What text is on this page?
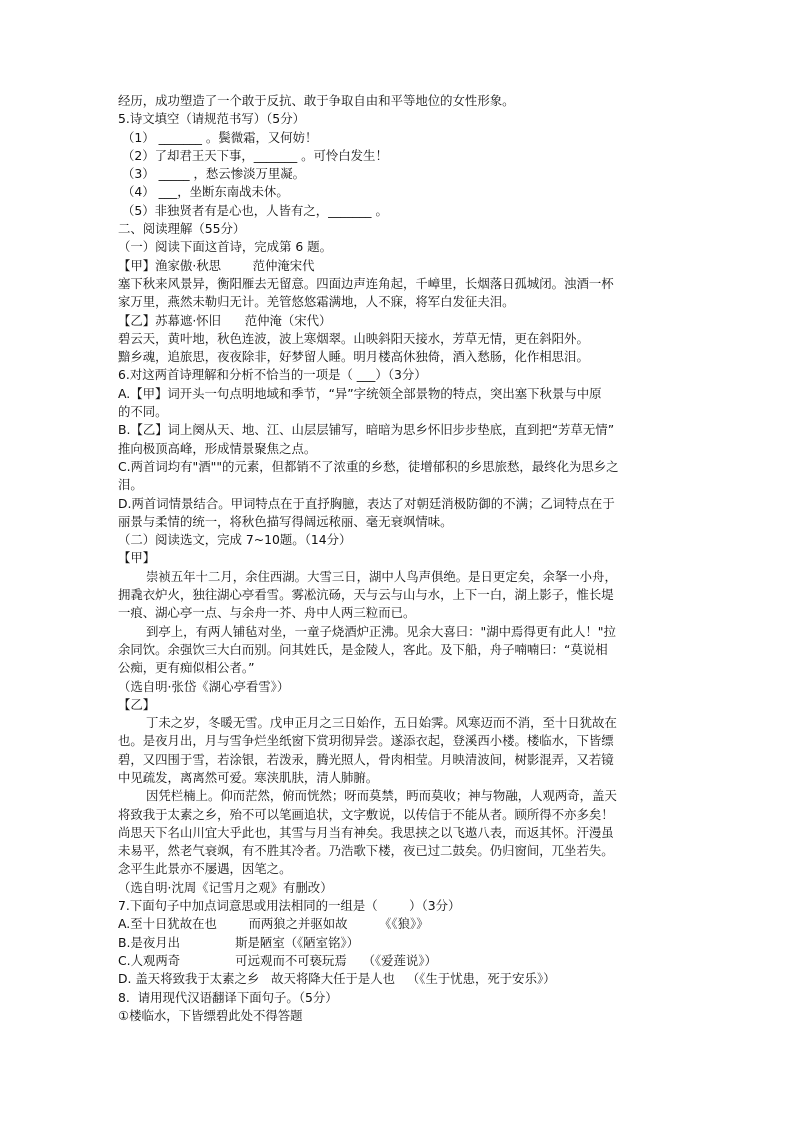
经历，成功塑造了一个敢于反抗、敢于争取自由和平等地位的女性形象。
5.诗文填空（请规范书写）（5分）
（1） _______ 。鬓微霜，又何妨！
（2）了却君王天下事，_______ 。可怜白发生！
（3） _____ ，愁云惨淡万里凝。
（4） ___，坐断东南战未休。
（5）非独贤者有是心也，人皆有之，_______ 。
二、阅读理解（55分）
（一）阅读下面这首诗，完成第 6 题。
【甲】渔家傲·秋思        范仲淹宋代
塞下秋来风景异，衡阳雁去无留意。四面边声连角起，千嶂里，长烟落日孤城闭。浊酒一杯
家万里，燕然未勒归无计。羌管悠悠霜满地，人不寐，将军白发征夫泪。
【乙】苏幕遮·怀旧      范仲淹（宋代）
碧云天，黄叶地，秋色连波，波上寒烟翠。山映斜阳天接水，芳草无情，更在斜阳外。
黯乡魂，追旅思，夜夜除非，好梦留人睡。明月楼高休独倚，酒入愁肠，化作相思泪。
6.对这两首诗理解和分析不恰当的一项是（ ___）（3分）
A.【甲】词开头一句点明地域和季节，“异”字统领全部景物的特点，突出塞下秋景与中原
的不同。
B.【乙】词上阕从天、地、江、山层层铺写，暗暗为思乡怀旧步步垫底，直到把“芳草无情”
推向极顶高峰，形成情景聚焦之点。
C.两首词均有"酒""的元素，但都销不了浓重的乡愁，徒增郁积的乡思旅愁，最终化为思乡之
泪。
D.两首词情景结合。甲词特点在于直抒胸臆，表达了对朝廷消极防御的不满；乙词特点在于
丽景与柔情的统一，将秋色描写得阔远秾丽、毫无衰飒情味。
（二）阅读选文，完成 7~10题。（14分）
【甲】
崇祯五年十二月，余住西湖。大雪三日，湖中人鸟声俱绝。是日更定矣，余拏一小舟，
拥毳衣炉火，独往湖心亭看雪。雾凇沆砀，天与云与山与水，上下一白，湖上影子，惟长堤
一痕、湖心亭一点、与余舟一芥、舟中人两三粒而已。
到亭上，有两人铺毡对坐，一童子烧酒炉正沸。见余大喜曰："湖中焉得更有此人！"拉
余同饮。余强饮三大白而别。问其姓氏，是金陵人，客此。及下船，舟子喃喃曰：“莫说相
公痴，更有痴似相公者。”
（选自明·张岱《湖心亭看雪》）
【乙】
丁未之岁，冬暖无雪。戊申正月之三日始作，五日始霁。风寒迈而不消，至十日犹故在
也。是夜月出，月与雪争烂坐纸窗下赏玥彻异尝。遂添衣起，登溪西小楼。楼临水，下皆缥
碧，又四围于雪，若涂银，若泼汞，腾光照人，骨肉相莹。月映清波间，树影混弄，又若镜
中见疏发，离离然可爱。寒浃肌肤，清人肺腑。
因凭栏楠上。仰而茫然，俯而恍然；呀而莫禁，眄而莫收；神与物融，人观两奇，盖天
将致我于太素之乡，殆不可以笔画追状，文字敷说，以传信于不能从者。顾所得不亦多矣！
尚思天下名山川宜大乎此也，其雪与月当有神矣。我思挟之以飞遨八表，而返其怀。汗漫虽
未易平，然老气衰飒，有不胜其冷者。乃浩歌下楼，夜已过二鼓矣。仍归窗间，兀坐若失。
念平生此景亦不屡遇，因笔之。
（选自明·沈周《记雪月之观》有删改）
7.下面句子中加点词意思或用法相同的一组是（        ）（3分）
A.至十日犹故在也        而两狼之并驱如故        《《狼》》
B.是夜月出              斯是陋室（《陋室铭》）
C.人观两奇              可远观而不可亵玩焉    （《爱莲说》）
D. 盖天将致我于太素之乡   故天将降大任于是人也   （《生于忧患，死于安乐》）
8.  请用现代汉语翻译下面句子。（5分）
①楼临水，下皆缥碧此处不得答题
